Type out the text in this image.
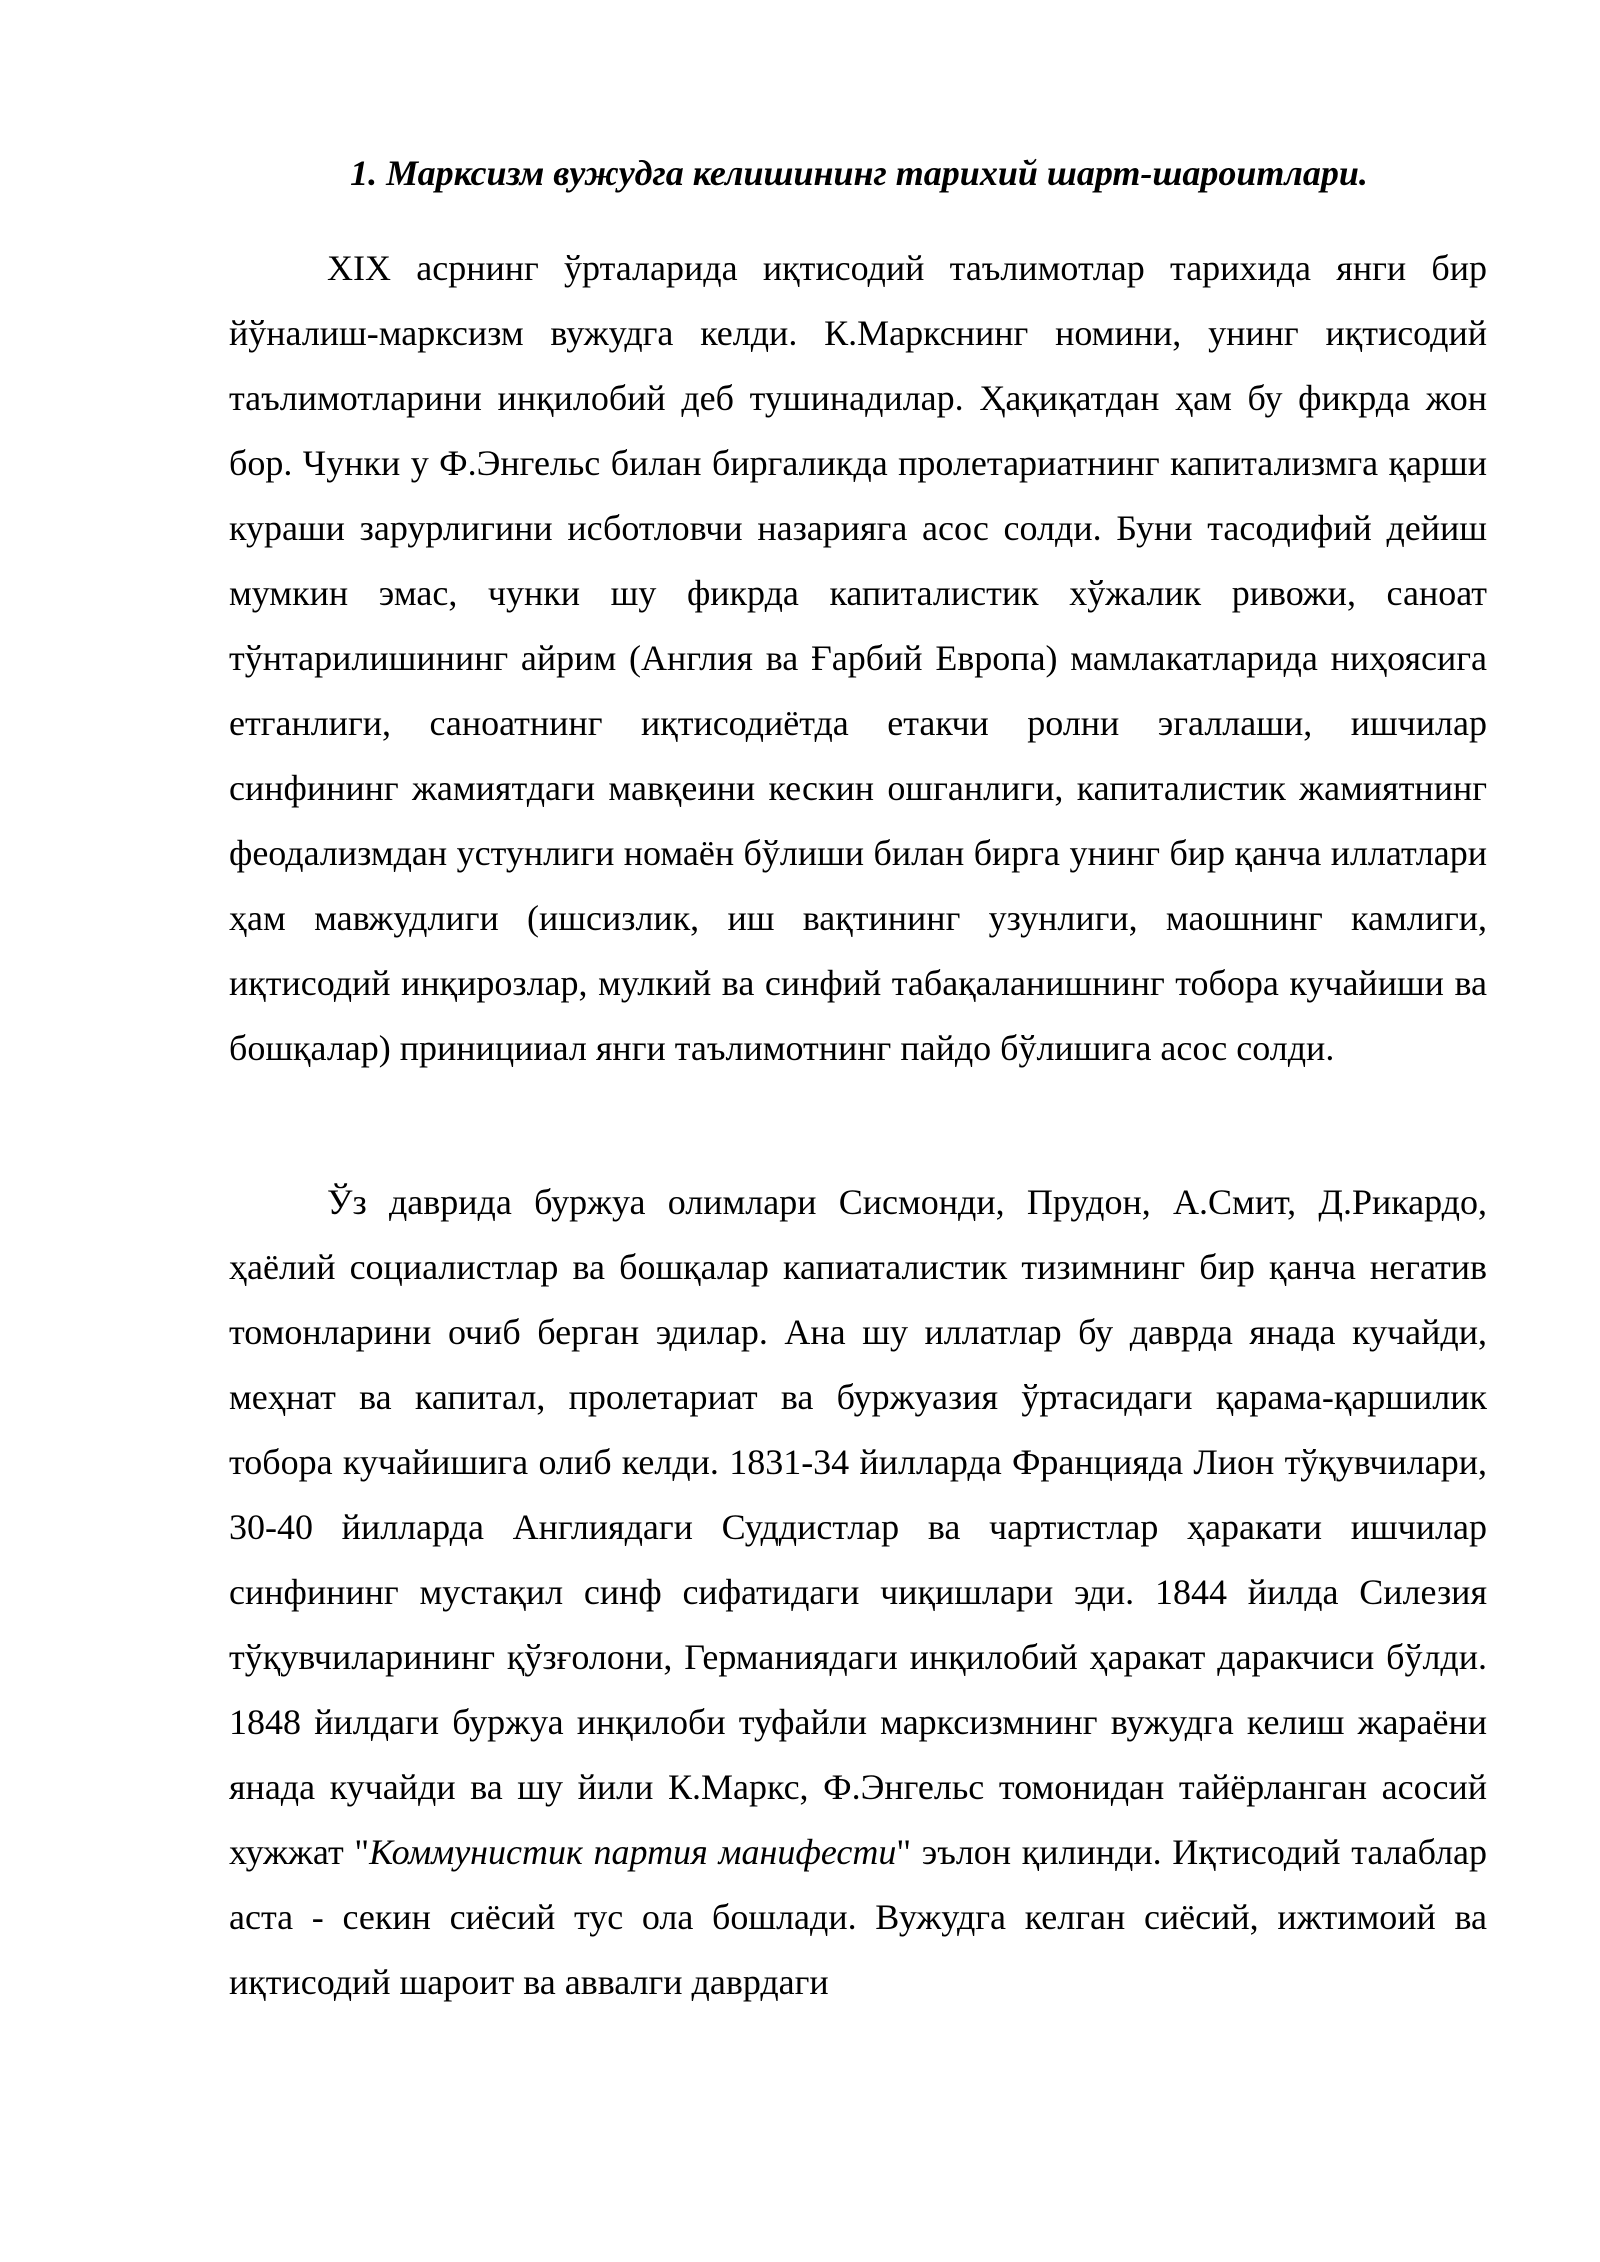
1. Марксизм вужудга келишининг тарихий шарт-шароитлари.

XIX асрнинг ўрталарида иқтисодий таълимотлар тарихида янги бир йўналиш-марксизм вужудга келди. К.Маркснинг номини, унинг иқтисодий таълимотларини инқилобий деб тушинадилар. Ҳақиқатдан ҳам бу фикрда жон бор. Чунки у Ф.Энгельс билан биргаликда пролетариатнинг капитализмга қарши кураши зарурлигини исботловчи назарияга асос солди. Буни тасодифий дейиш мумкин эмас, чунки шу фикрда капиталистик хўжалик ривожи, саноат тўнтарилишининг айрим (Англия ва Ғарбий Европа) мамлакатларида ниҳоясига етганлиги, саноатнинг иқтисодиётда етакчи ролни эгаллаши, ишчилар синфининг жамиятдаги мавқеини кескин ошганлиги, капиталистик жамиятнинг феодализмдан устунлиги номаён бўлиши билан бирга унинг бир қанча иллатлари ҳам мавжудлиги (ишсизлик, иш вақтининг узунлиги, маошнинг камлиги, иқтисодий инқирозлар, мулкий ва синфий табақаланишнинг тобора кучайиши ва бошқалар) приницииал янги таълимотнинг пайдо бўлишига асос солди.

Ўз даврида буржуа олимлари Сисмонди, Прудон, А.Смит, Д.Рикардо, ҳаёлий социалистлар ва бошқалар капиаталистик тизимнинг бир қанча негатив томонларини очиб берган эдилар. Ана шу иллатлар бу даврда янада кучайди, меҳнат ва капитал, пролетариат ва буржуазия ўртасидаги қарама-қаршилик тобора кучайишига олиб келди. 1831-34 йилларда Францияда Лион тўқувчилари, 30-40 йилларда Англиядаги Суддистлар ва чартистлар ҳаракати ишчилар синфининг мустақил синф сифатидаги чиқишлари эди. 1844 йилда Силезия тўқувчиларининг қўзғолони, Германиядаги инқилобий ҳаракат даракчиси бўлди. 1848 йилдаги буржуа инқилоби туфайли марксизмнинг вужудга келиш жараёни янада кучайди ва шу йили К.Маркс, Ф.Энгельс томонидан тайёрланган асосий хужжат "Коммунистик партия манифести" эълон қилинди. Иқтисодий талаблар аста - секин сиёсий тус ола бошлади. Вужудга келган сиёсий, ижтимоий ва иқтисодий шароит ва аввалги даврдаги
